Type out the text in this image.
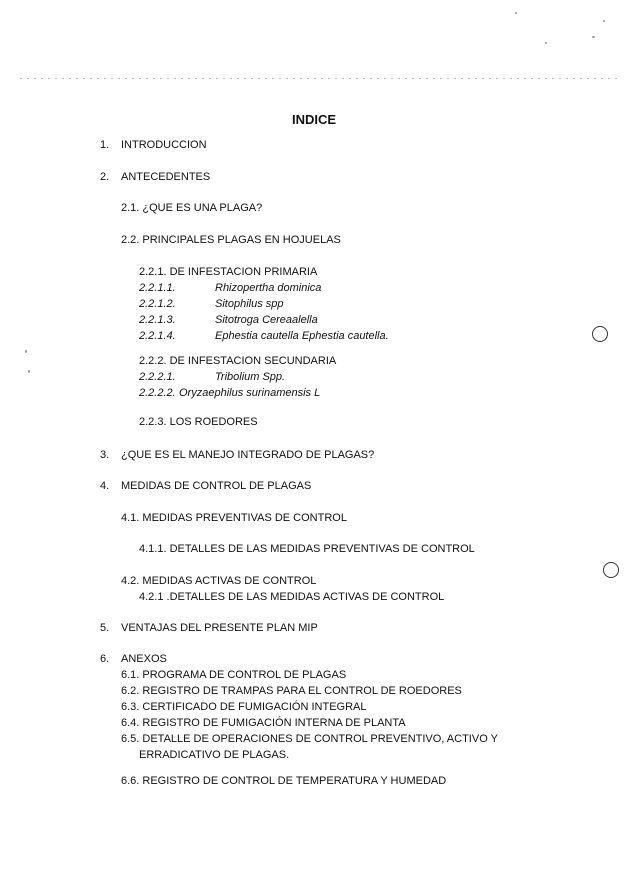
INDICE
1. INTRODUCCION
2. ANTECEDENTES
2.1. ¿QUE ES UNA PLAGA?
2.2. PRINCIPALES PLAGAS EN HOJUELAS
2.2.1. DE INFESTACION PRIMARIA
2.2.1.1.	Rhizopertha dominica
2.2.1.2.	Sitophilus spp
2.2.1.3.	Sitotroga Cereaalella
2.2.1.4.	Ephestia cautella Ephestia cautella.
2.2.2. DE INFESTACION SECUNDARIA
2.2.2.1.	Tribolium Spp.
2.2.2.2. Oryzaephilus surinamensis L
2.2.3. LOS ROEDORES
3. ¿QUE ES EL MANEJO INTEGRADO DE PLAGAS?
4. MEDIDAS DE CONTROL DE PLAGAS
4.1. MEDIDAS PREVENTIVAS DE CONTROL
4.1.1. DETALLES DE LAS MEDIDAS PREVENTIVAS DE CONTROL
4.2. MEDIDAS ACTIVAS DE CONTROL
4.2.1 .DETALLES DE LAS MEDIDAS ACTIVAS DE CONTROL
5. VENTAJAS DEL PRESENTE PLAN MIP
6. ANEXOS
6.1. PROGRAMA DE CONTROL DE PLAGAS
6.2. REGISTRO DE TRAMPAS PARA EL CONTROL DE ROEDORES
6.3. CERTIFICADO DE FUMIGACIÓN INTEGRAL
6.4. REGISTRO DE FUMIGACIÓN INTERNA DE PLANTA
6.5. DETALLE DE OPERACIONES DE CONTROL PREVENTIVO, ACTIVO Y
ERRADICATIVO DE PLAGAS.
6.6. REGISTRO DE CONTROL DE TEMPERATURA Y HUMEDAD
